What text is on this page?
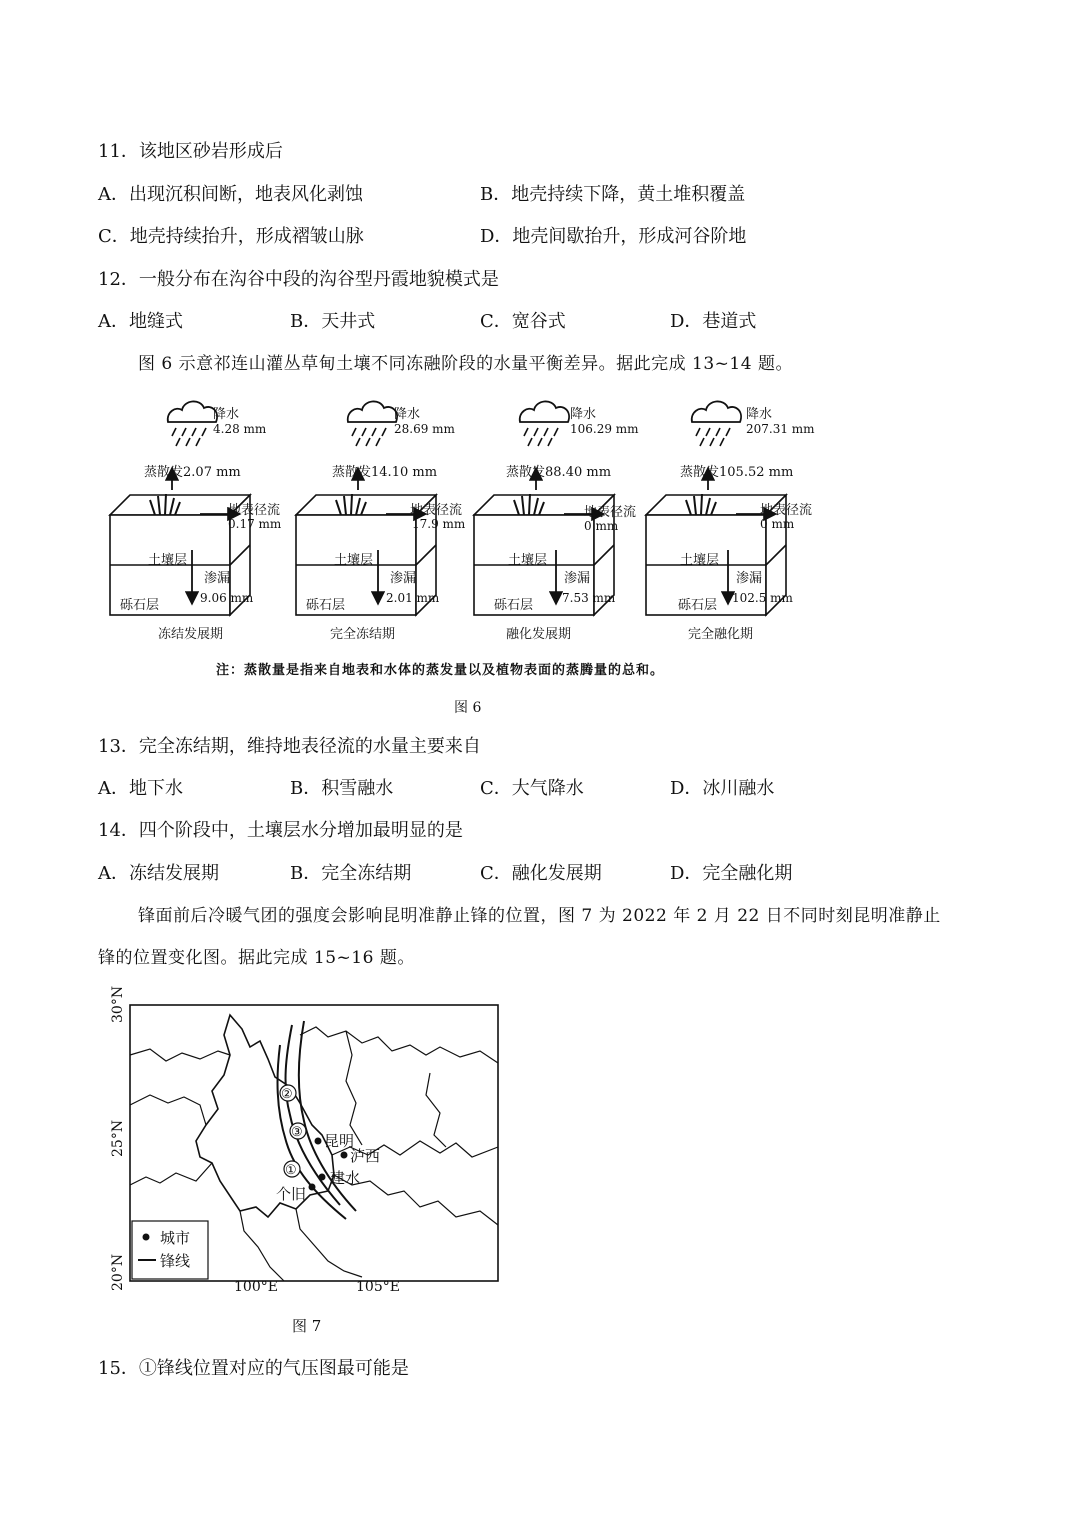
11．该地区砂岩形成后
A．出现沉积间断，地表风化剥蚀	B．地壳持续下降，黄土堆积覆盖
C．地壳持续抬升，形成褶皱山脉	D．地壳间歇抬升，形成河谷阶地
12．一般分布在沟谷中段的沟谷型丹霞地貌模式是
A．地缝式	B．天井式	C．宽谷式	D．巷道式
图 6 示意祁连山灌丛草甸土壤不同冻融阶段的水量平衡差异。据此完成 13~14 题。
降水
4.28 mm
蒸散发2.07 mm
地表径流
0.17 mm
土壤层
渗漏
9.06 mm
砾石层
冻结发展期
降水
28.69 mm
蒸散发14.10 mm
地表径流
17.9 mm
土壤层
渗漏
2.01 mm
砾石层
完全冻结期
降水
106.29 mm
蒸散发88.40 mm
地表径流
0 mm
土壤层
渗漏
7.53 mm
砾石层
融化发展期
降水
207.31 mm
蒸散发105.52 mm
地表径流
0 mm
土壤层
渗漏
102.5 mm
砾石层
完全融化期
注：蒸散量是指来自地表和水体的蒸发量以及植物表面的蒸腾量的总和。
图 6
13．完全冻结期，维持地表径流的水量主要来自
A．地下水	B．积雪融水	C．大气降水	D．冰川融水
14．四个阶段中，土壤层水分增加最明显的是
A．冻结发展期	B．完全冻结期	C．融化发展期	D．完全融化期
锋面前后冷暖气团的强度会影响昆明准静止锋的位置，图 7 为 2022 年 2 月 22 日不同时刻昆明准静止
锋的位置变化图。据此完成 15~16 题。
30°N
25°N
20°N	100°E	105°E
②
③
①
昆明
泸西
建水
个旧
城市
锋线
图 7
15．①锋线位置对应的气压图最可能是
